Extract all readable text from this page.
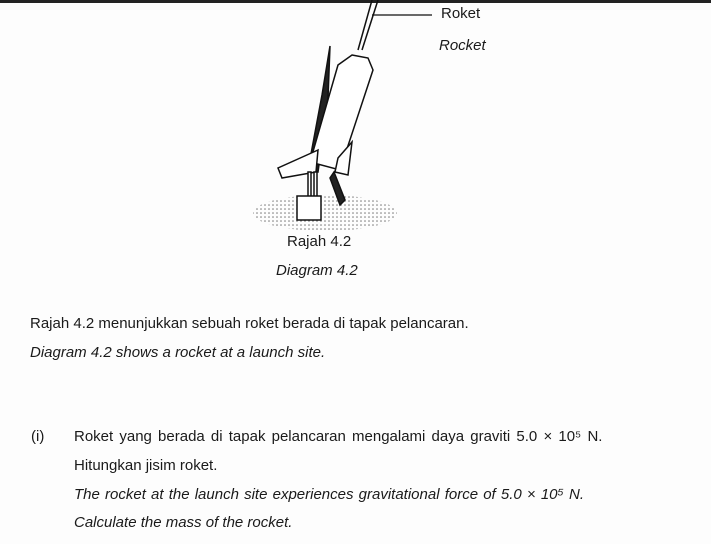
Roket
Rocket
Rajah 4.2
Diagram 4.2
Rajah 4.2 menunjukkan sebuah roket berada di tapak pelancaran.
Diagram 4.2 shows a rocket at a launch site.
(i) Roket yang berada di tapak pelancaran mengalami daya graviti 5.0 × 10⁵ N.
Hitungkan jisim roket.
The rocket at the launch site experiences gravitational force of 5.0 × 10⁵ N.
Calculate the mass of the rocket.
